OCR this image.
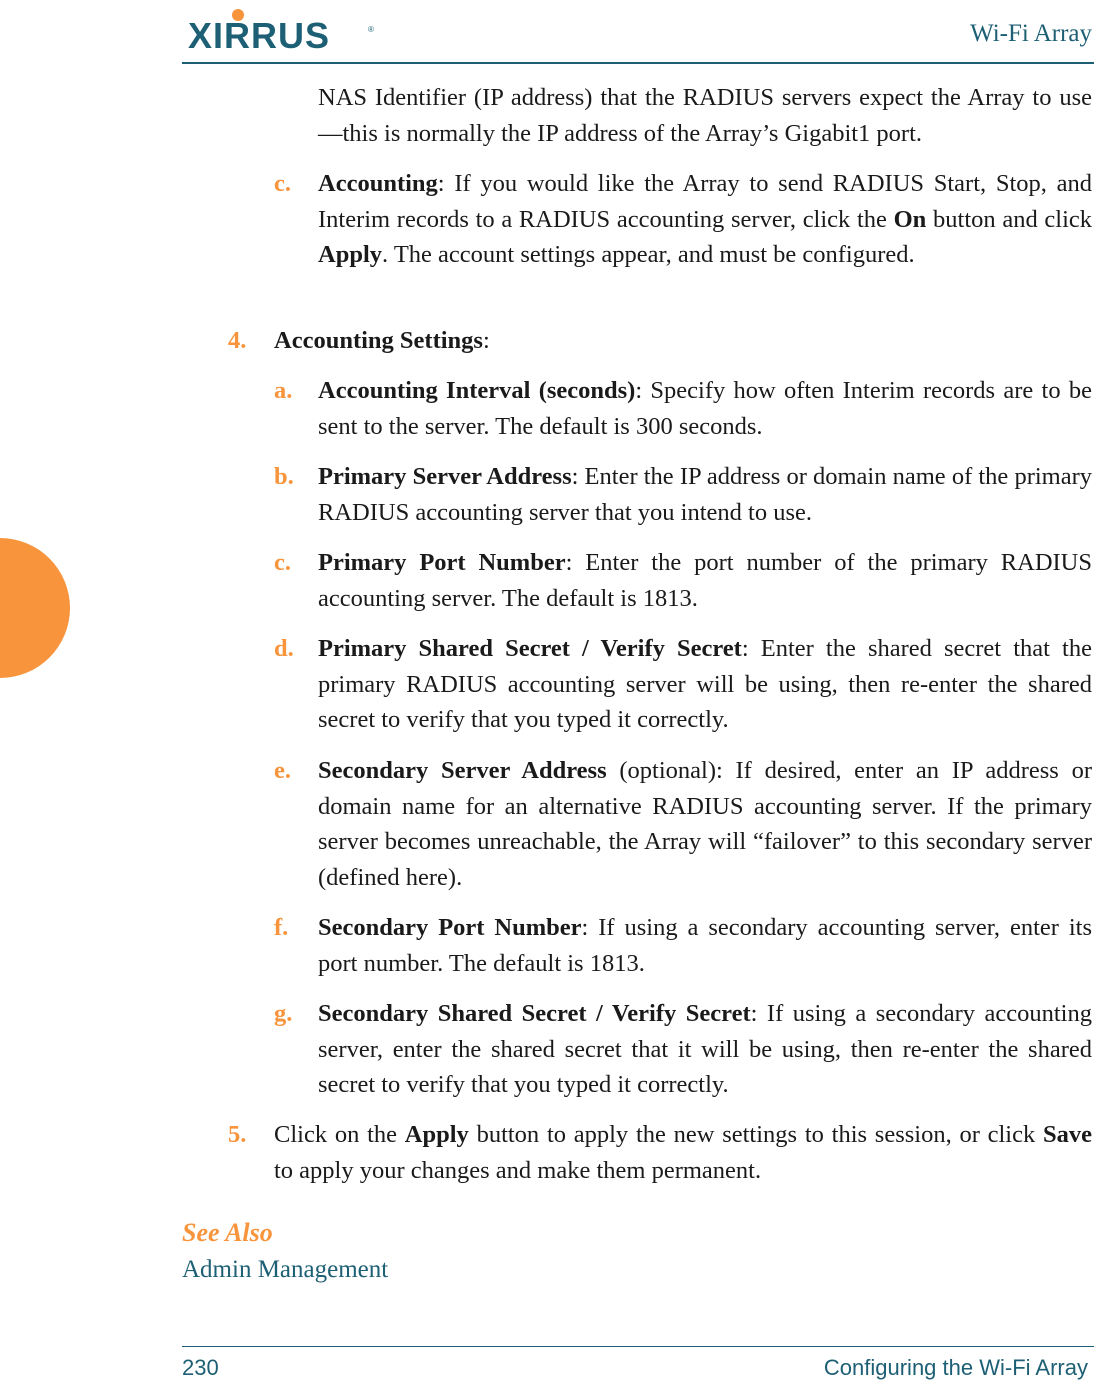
XIRRUS	®	Wi-Fi Array
NAS Identifier (IP address) that the RADIUS servers expect the Array to use—this is normally the IP address of the Array’s Gigabit1 port.
c. Accounting: If you would like the Array to send RADIUS Start, Stop, and Interim records to a RADIUS accounting server, click the On button and click Apply. The account settings appear, and must be configured.
4. Accounting Settings:
a. Accounting Interval (seconds): Specify how often Interim records are to be sent to the server. The default is 300 seconds.
b. Primary Server Address: Enter the IP address or domain name of the primary RADIUS accounting server that you intend to use.
c. Primary Port Number: Enter the port number of the primary RADIUS accounting server. The default is 1813.
d. Primary Shared Secret / Verify Secret: Enter the shared secret that the primary RADIUS accounting server will be using, then re-enter the shared secret to verify that you typed it correctly.
e. Secondary Server Address (optional): If desired, enter an IP address or domain name for an alternative RADIUS accounting server. If the primary server becomes unreachable, the Array will “failover” to this secondary server (defined here).
f. Secondary Port Number: If using a secondary accounting server, enter its port number. The default is 1813.
g. Secondary Shared Secret / Verify Secret: If using a secondary accounting server, enter the shared secret that it will be using, then re-enter the shared secret to verify that you typed it correctly.
5. Click on the Apply button to apply the new settings to this session, or click Save to apply your changes and make them permanent.
See Also
Admin Management
230	Configuring the Wi-Fi Array
